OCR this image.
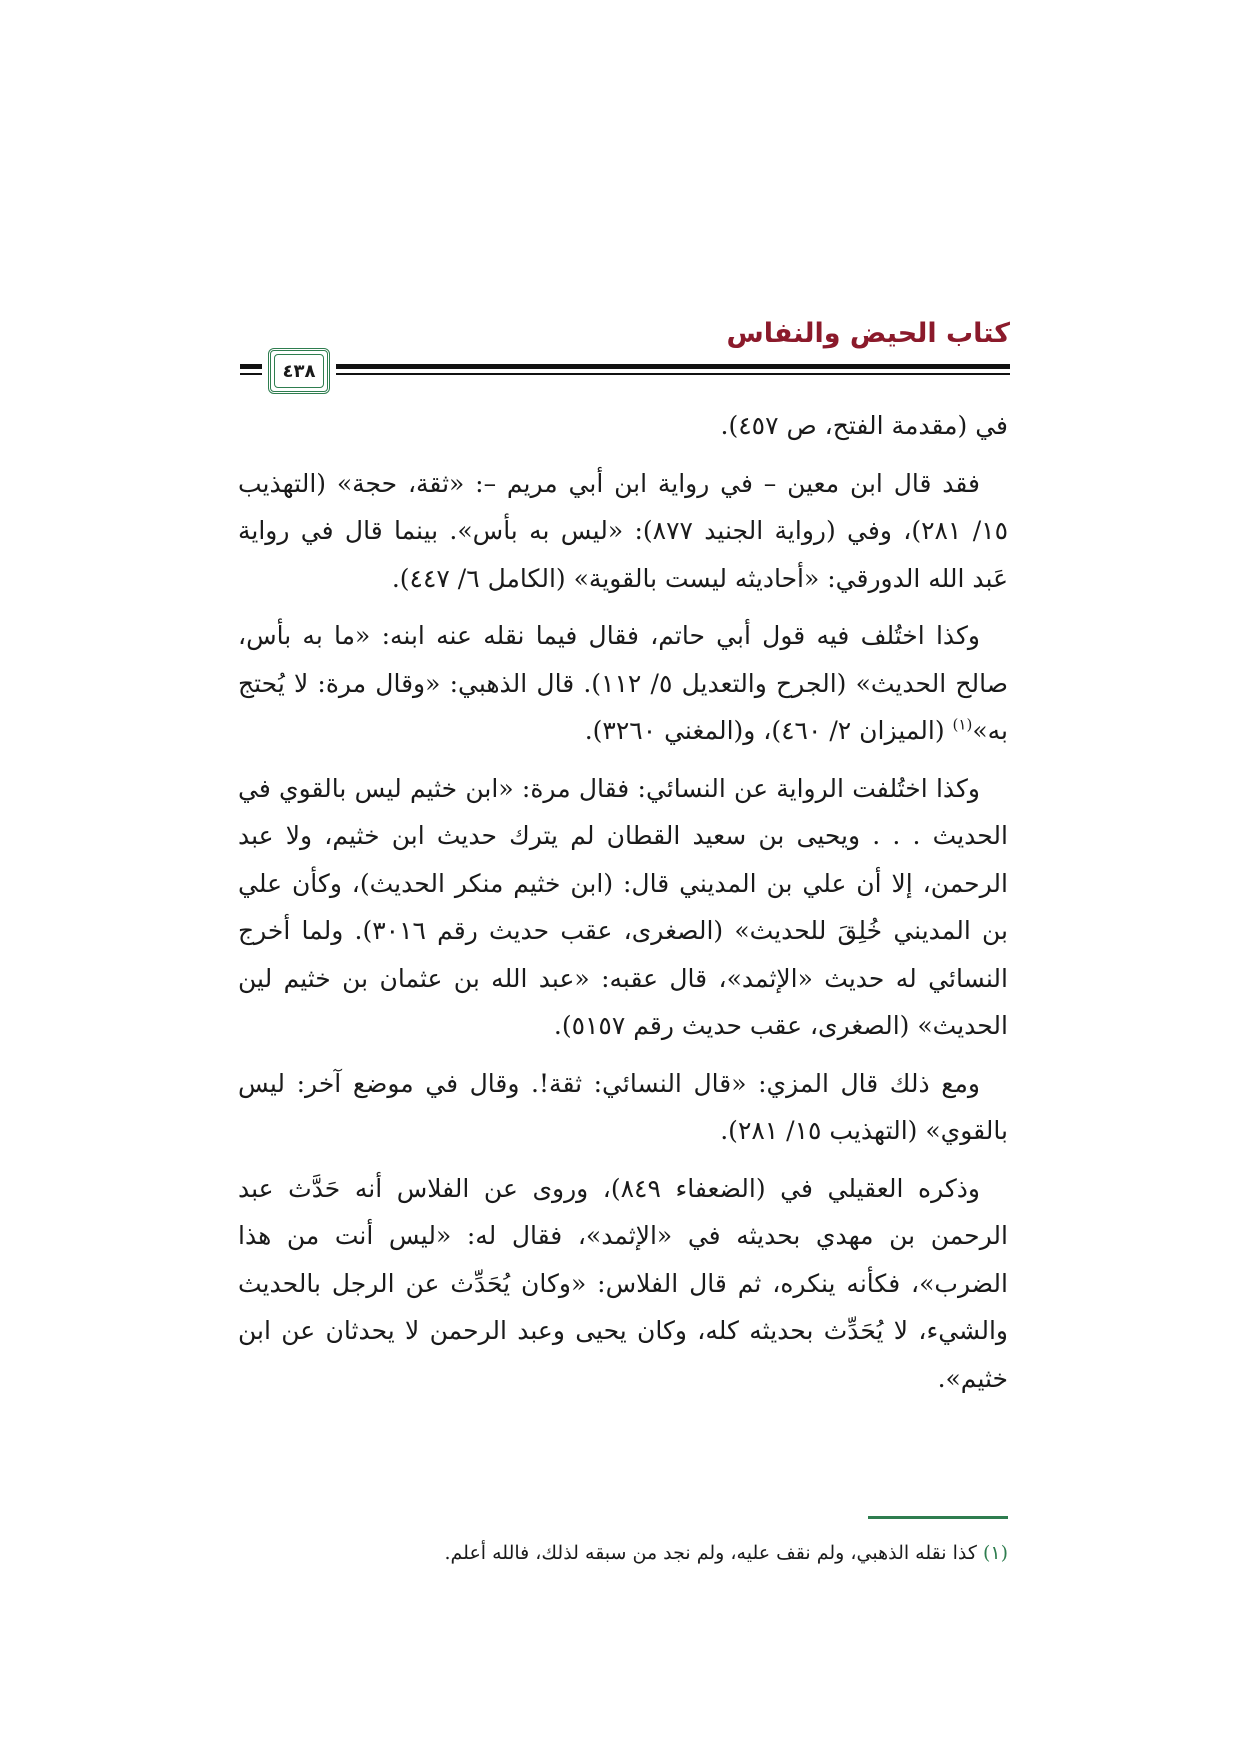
كتاب الحيض والنفاس
٤٣٨

في (مقدمة الفتح، ص ٤٥٧).

فقد قال ابن معين – في رواية ابن أبي مريم –: «ثقة، حجة» (التهذيب ١٥/ ٢٨١)، وفي (رواية الجنيد ٨٧٧): «ليس به بأس». بينما قال في رواية عَبد الله الدورقي: «أحاديثه ليست بالقوية» (الكامل ٦/ ٤٤٧).

وكذا اختُلف فيه قول أبي حاتم، فقال فيما نقله عنه ابنه: «ما به بأس، صالح الحديث» (الجرح والتعديل ٥/ ١١٢). قال الذهبي: «وقال مرة: لا يُحتج به»$^{(١)}$ (الميزان ٢/ ٤٦٠)، و(المغني ٣٢٦٠).

وكذا اختُلفت الرواية عن النسائي: فقال مرة: «ابن خثيم ليس بالقوي في الحديث . . . ويحيى بن سعيد القطان لم يترك حديث ابن خثيم، ولا عبد الرحمن، إلا أن علي بن المديني قال: (ابن خثيم منكر الحديث)، وكأن علي بن المديني خُلِقَ للحديث» (الصغرى، عقب حديث رقم ٣٠١٦). ولما أخرج النسائي له حديث «الإثمد»، قال عقبه: «عبد الله بن عثمان بن خثيم لين الحديث» (الصغرى، عقب حديث رقم ٥١٥٧).

ومع ذلك قال المزي: «قال النسائي: ثقة!. وقال في موضع آخر: ليس بالقوي» (التهذيب ١٥/ ٢٨١).

وذكره العقيلي في (الضعفاء ٨٤٩)، وروى عن الفلاس أنه حَدَّث عبد الرحمن بن مهدي بحديثه في «الإثمد»، فقال له: «ليس أنت من هذا الضرب»، فكأنه ينكره، ثم قال الفلاس: «وكان يُحَدِّث عن الرجل بالحديث والشيء، لا يُحَدِّث بحديثه كله، وكان يحيى وعبد الرحمن لا يحدثان عن ابن خثيم».

(١) كذا نقله الذهبي، ولم نقف عليه، ولم نجد من سبقه لذلك، فالله أعلم.
